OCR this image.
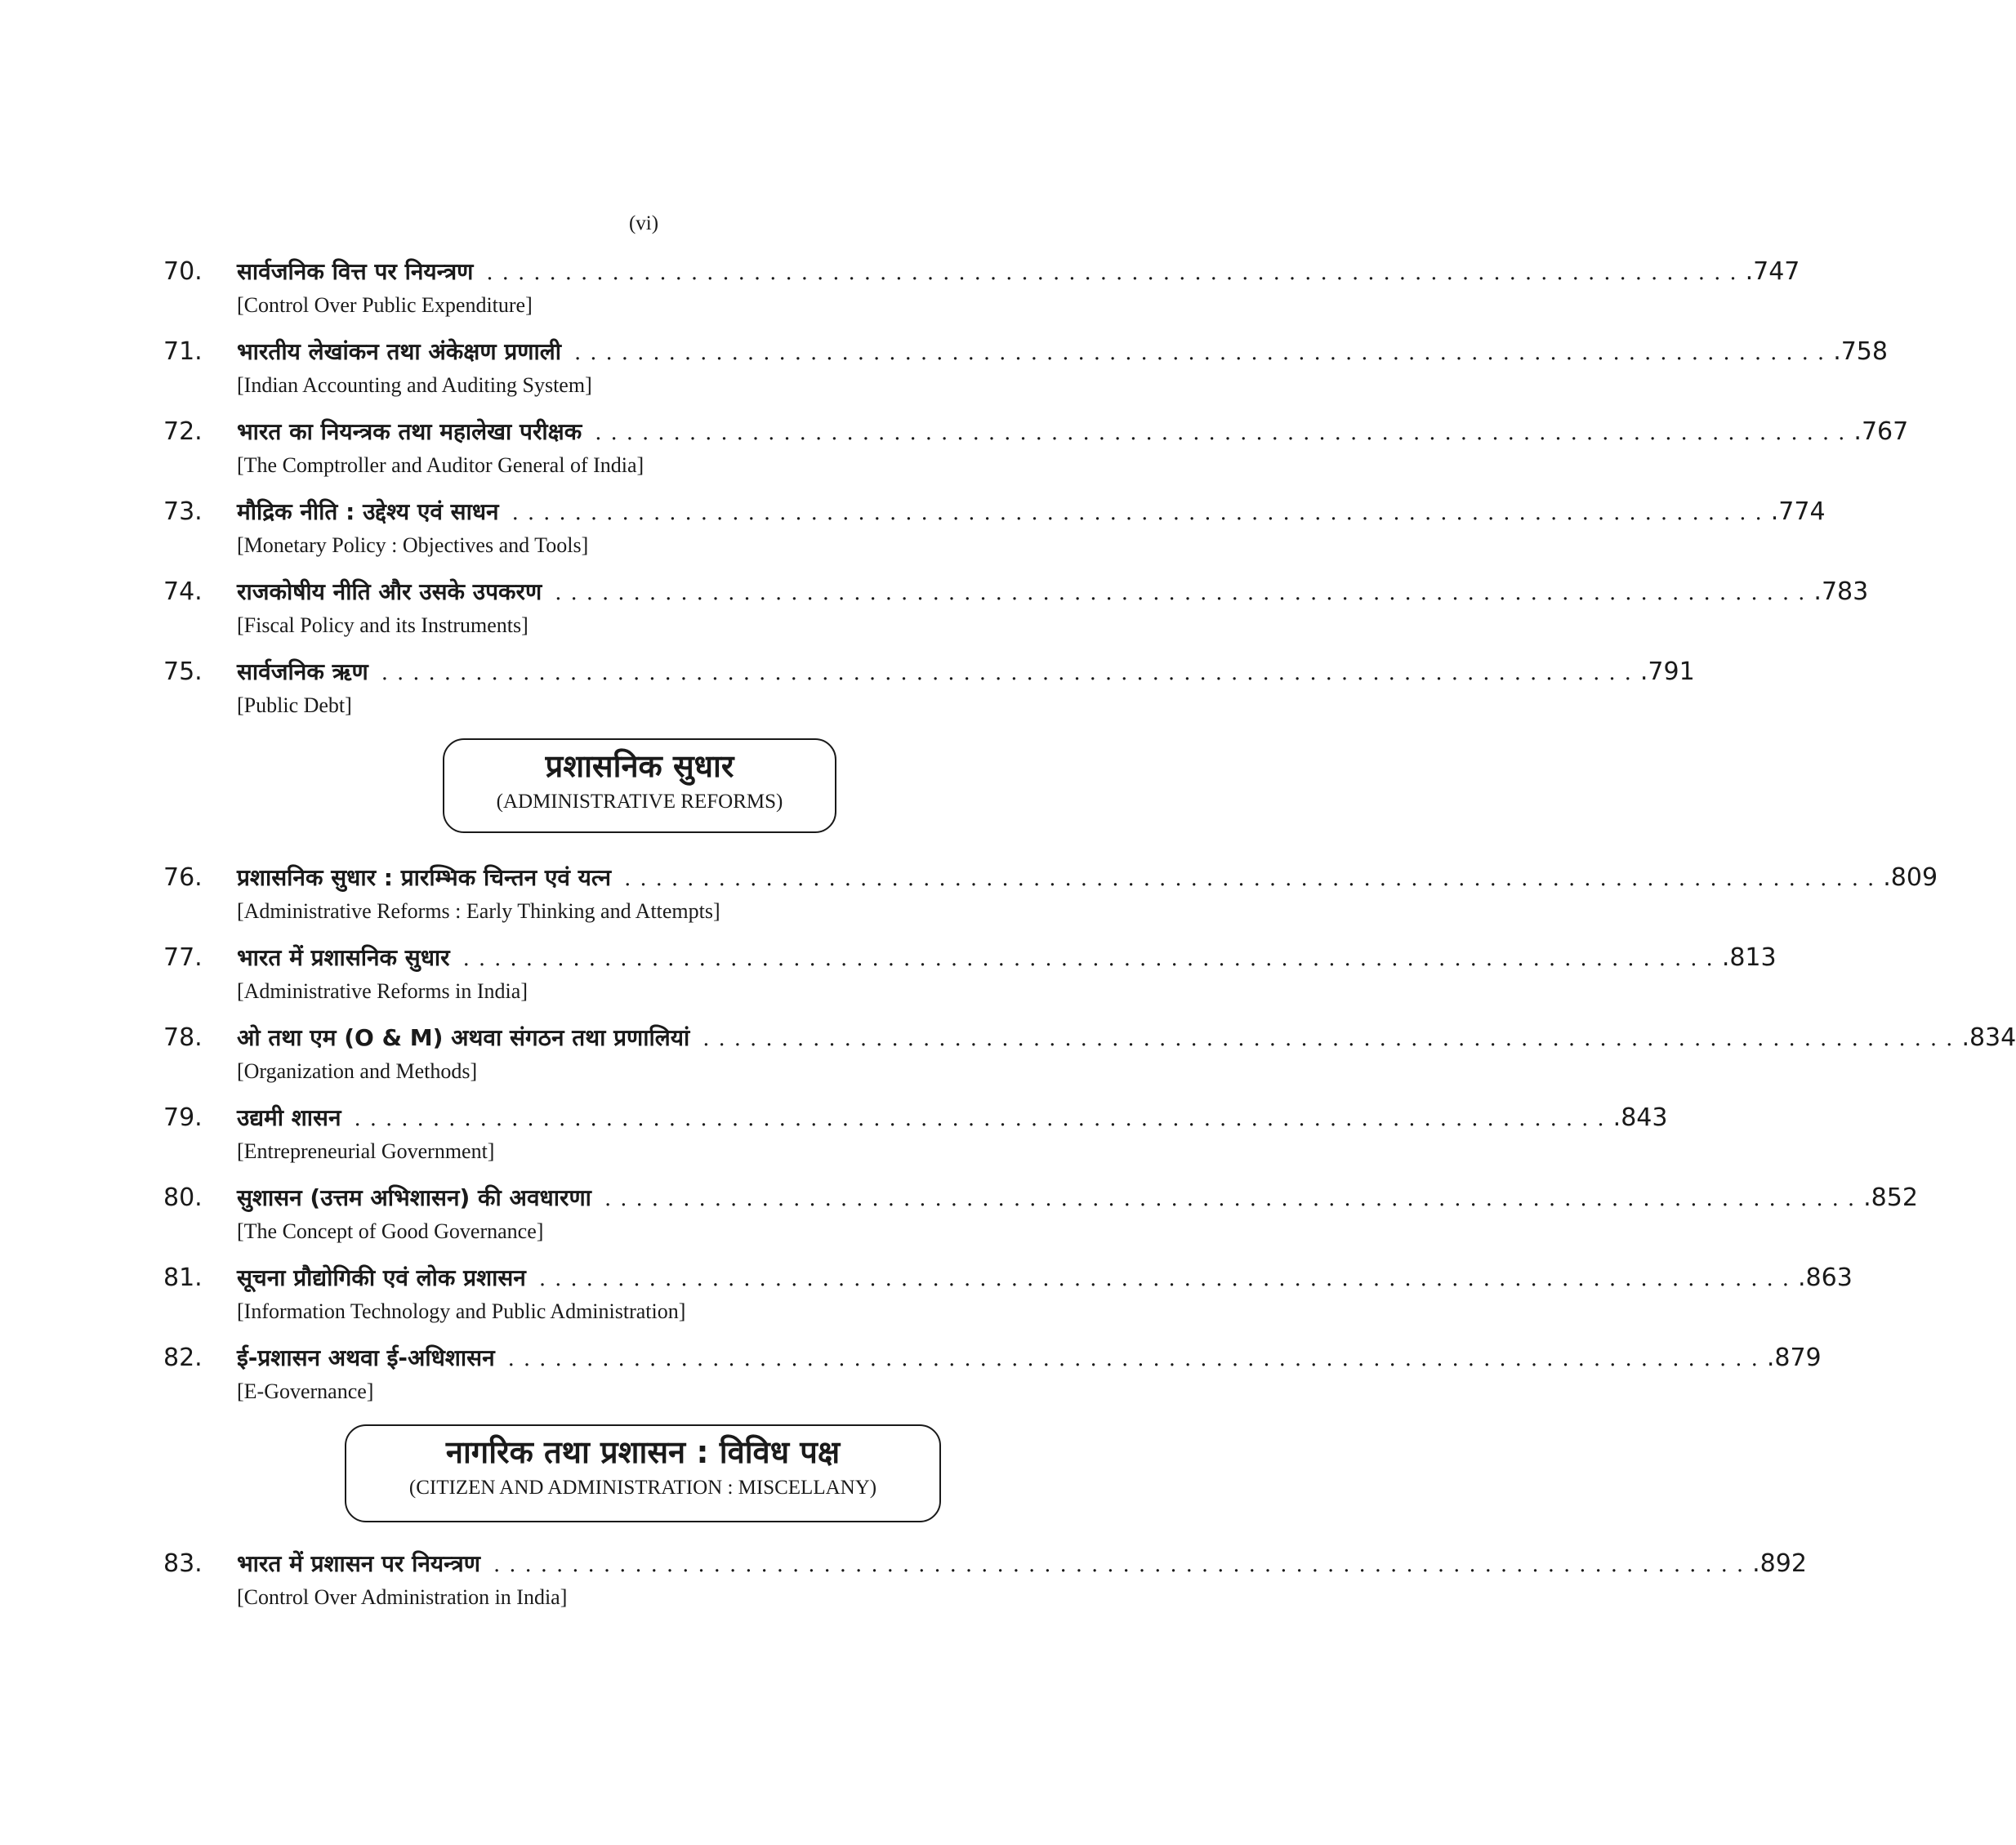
(vi)
70. सार्वजनिक वित्त पर नियन्त्रण ................................................................................ .747
[Control Over Public Expenditure]
71. भारतीय लेखांकन तथा अंकेक्षण प्रणाली ................................................................................ .758
[Indian Accounting and Auditing System]
72. भारत का नियन्त्रक तथा महालेखा परीक्षक ................................................................................ .767
[The Comptroller and Auditor General of India]
73. मौद्रिक नीति : उद्देश्य एवं साधन ................................................................................ .774
[Monetary Policy : Objectives and Tools]
74. राजकोषीय नीति और उसके उपकरण ................................................................................ .783
[Fiscal Policy and its Instruments]
75. सार्वजनिक ऋण ................................................................................ .791
[Public Debt]
प्रशासनिक सुधार
(ADMINISTRATIVE REFORMS)
76. प्रशासनिक सुधार : प्रारम्भिक चिन्तन एवं यत्न ................................................................................ .809
[Administrative Reforms : Early Thinking and Attempts]
77. भारत में प्रशासनिक सुधार ................................................................................ .813
[Administrative Reforms in India]
78. ओ तथा एम (O & M) अथवा संगठन तथा प्रणालियां ................................................................................ .834
[Organization and Methods]
79. उद्यमी शासन ................................................................................ .843
[Entrepreneurial Government]
80. सुशासन (उत्तम अभिशासन) की अवधारणा ................................................................................ .852
[The Concept of Good Governance]
81. सूचना प्रौद्योगिकी एवं लोक प्रशासन ................................................................................ .863
[Information Technology and Public Administration]
82. ई-प्रशासन अथवा ई-अधिशासन ................................................................................ .879
[E-Governance]
नागरिक तथा प्रशासन : विविध पक्ष
(CITIZEN AND ADMINISTRATION : MISCELLANY)
83. भारत में प्रशासन पर नियन्त्रण ................................................................................ .892
[Control Over Administration in India]
